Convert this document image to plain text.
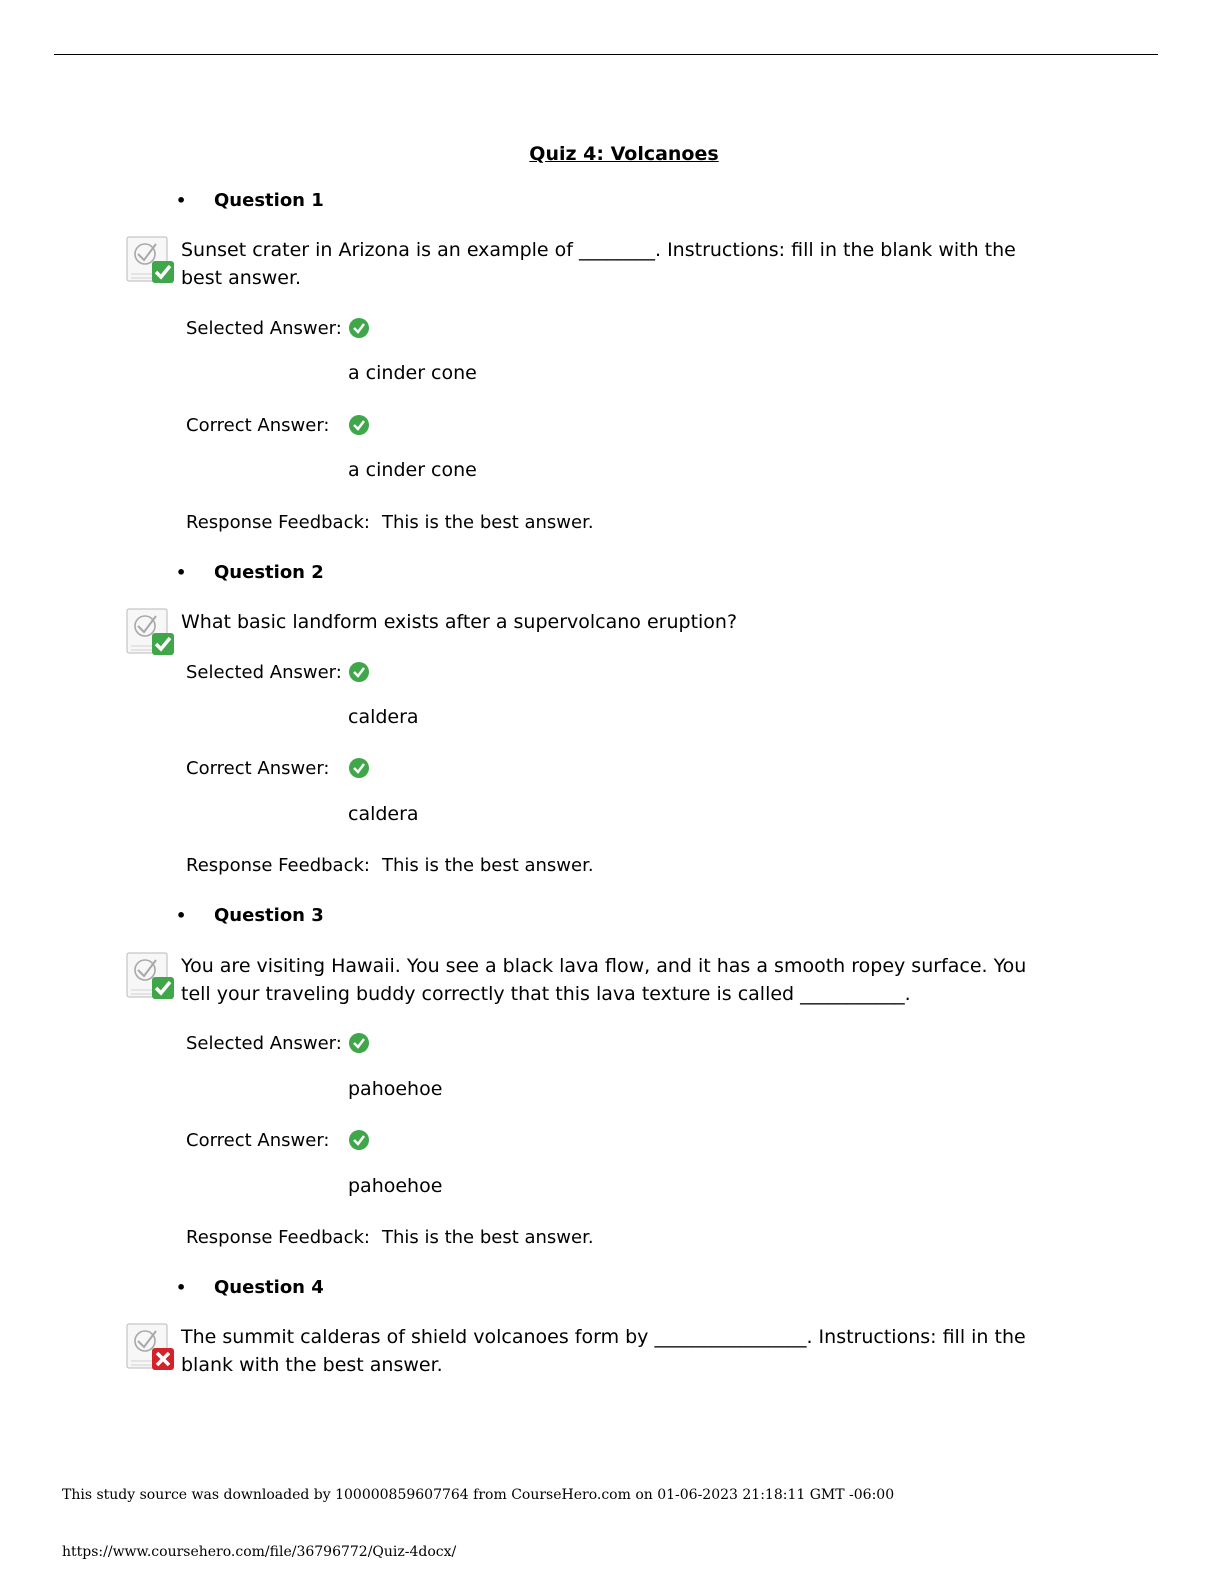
Quiz 4: Volcanoes
• Question 1
Sunset crater in Arizona is an example of ________. Instructions: fill in the blank with the best answer.
Selected Answer:
a cinder cone
Correct Answer:
a cinder cone
Response Feedback: This is the best answer.
• Question 2
What basic landform exists after a supervolcano eruption?
Selected Answer:
caldera
Correct Answer:
caldera
Response Feedback: This is the best answer.
• Question 3
You are visiting Hawaii. You see a black lava flow, and it has a smooth ropey surface. You tell your traveling buddy correctly that this lava texture is called ___________.
Selected Answer:
pahoehoe
Correct Answer:
pahoehoe
Response Feedback: This is the best answer.
• Question 4
The summit calderas of shield volcanoes form by ________________. Instructions: fill in the blank with the best answer.
This study source was downloaded by 100000859607764 from CourseHero.com on 01-06-2023 21:18:11 GMT -06:00
https://www.coursehero.com/file/36796772/Quiz-4docx/
